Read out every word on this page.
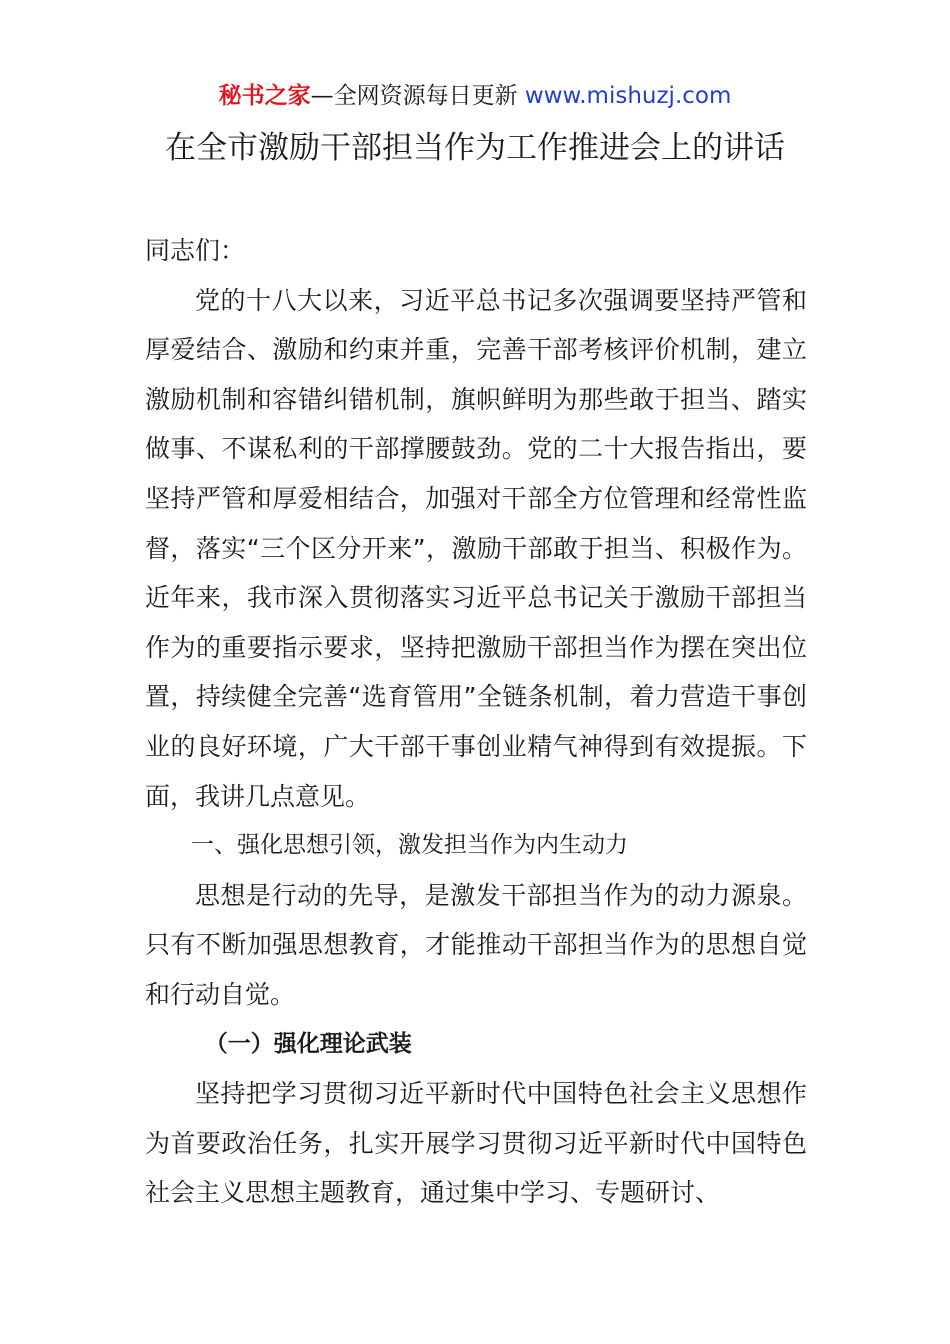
秘书之家—全网资源每日更新 www.mishuzj.com
在全市激励干部担当作为工作推进会上的讲话

同志们：

党的十八大以来，习近平总书记多次强调要坚持严管和厚爱结合、激励和约束并重，完善干部考核评价机制，建立激励机制和容错纠错机制，旗帜鲜明为那些敢于担当、踏实做事、不谋私利的干部撑腰鼓劲。党的二十大报告指出，要坚持严管和厚爱相结合，加强对干部全方位管理和经常性监督，落实“三个区分开来”，激励干部敢于担当、积极作为。近年来，我市深入贯彻落实习近平总书记关于激励干部担当作为的重要指示要求，坚持把激励干部担当作为摆在突出位置，持续健全完善“选育管用”全链条机制，着力营造干事创业的良好环境，广大干部干事创业精气神得到有效提振。下面，我讲几点意见。

一、强化思想引领，激发担当作为内生动力

思想是行动的先导，是激发干部担当作为的动力源泉。只有不断加强思想教育，才能推动干部担当作为的思想自觉和行动自觉。

（一）强化理论武装

坚持把学习贯彻习近平新时代中国特色社会主义思想作为首要政治任务，扎实开展学习贯彻习近平新时代中国特色社会主义思想主题教育，通过集中学习、专题研讨、
